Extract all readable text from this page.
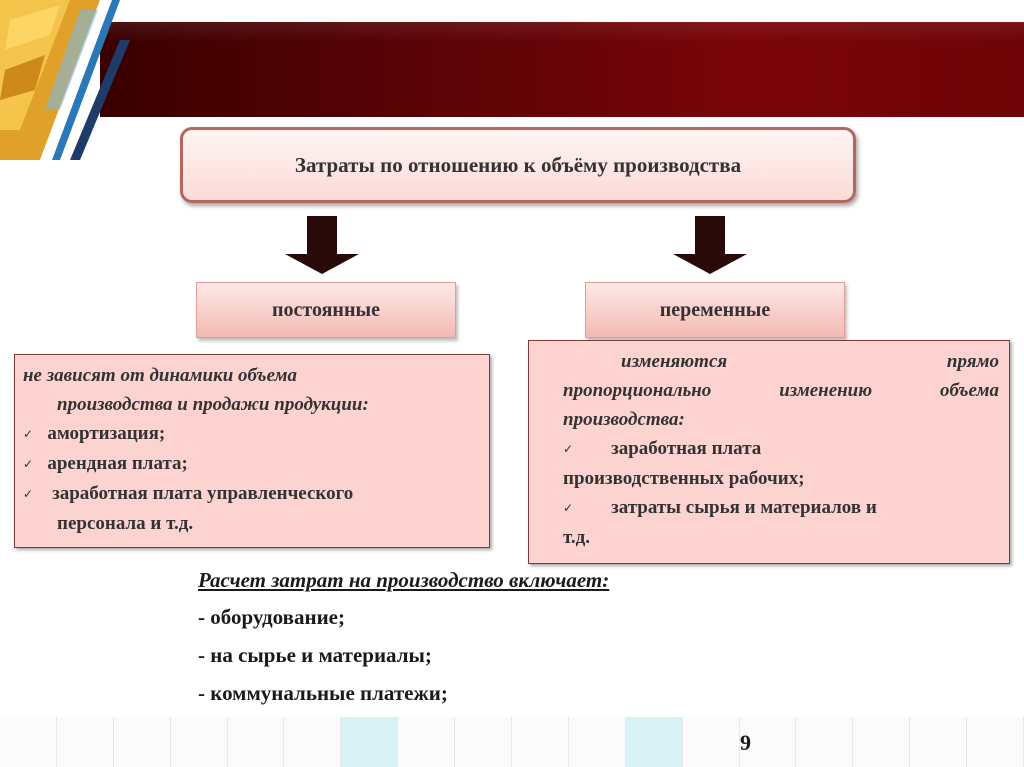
Затраты по отношению к объёму производства
постоянные	переменные

не зависят от динамики объема

производства и продажи продукции:

✓ амортизация;

✓ арендная плата;

✓ заработная плата управленческого

персонала и т.д.

изменяются	прямо

пропорционально	изменению	объема

производства:

✓ заработная плата

производственных рабочих;

✓ затраты сырья и материалов и

т.д.

Расчет затрат на производство включает:

- оборудование;

- на сырье и материалы;

- коммунальные платежи;

9
